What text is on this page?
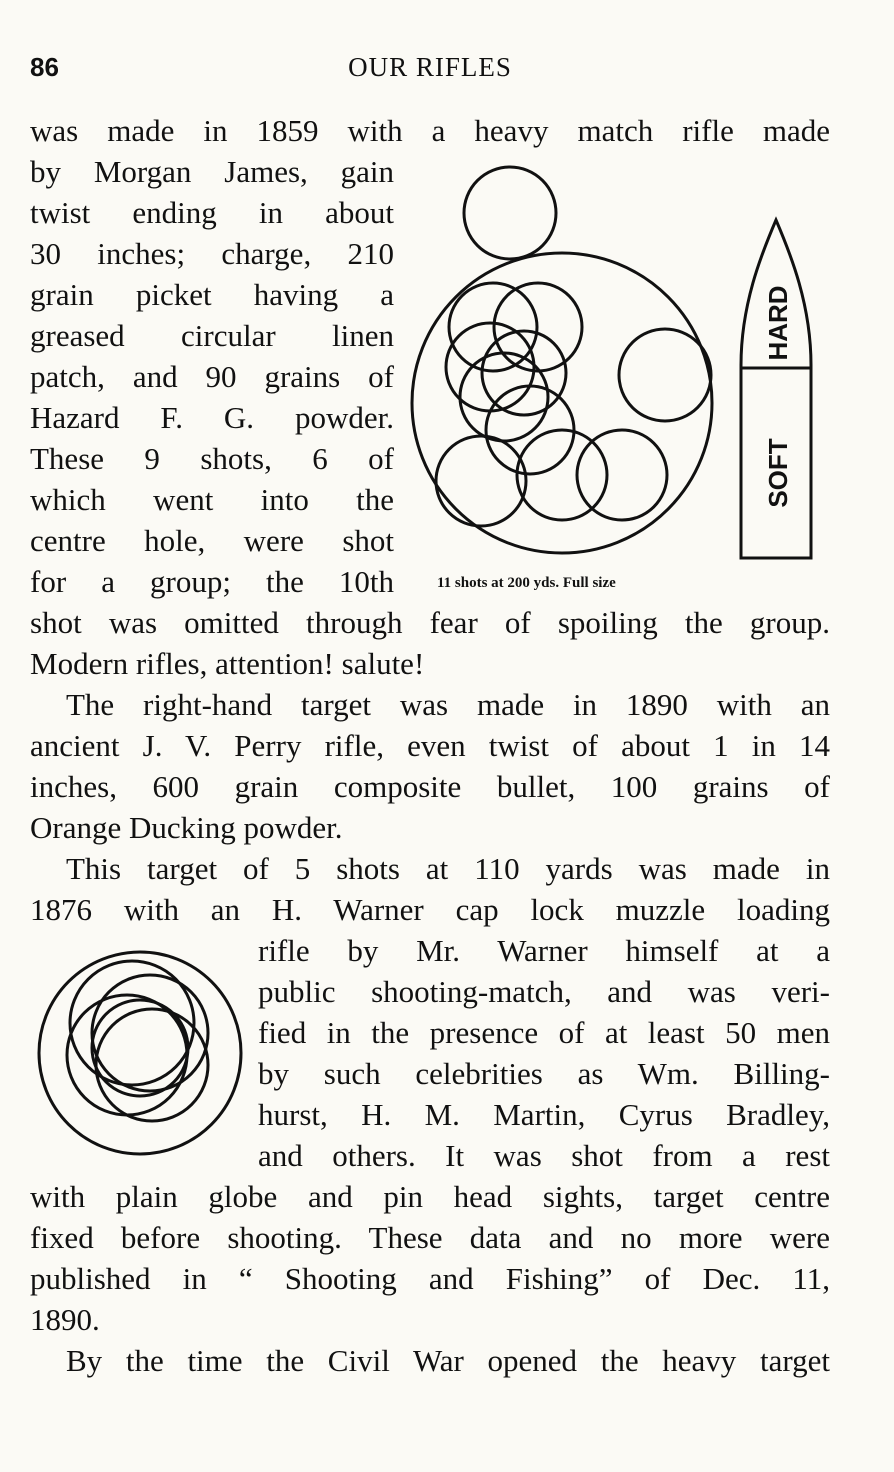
86	OUR RIFLES
was made in 1859 with a heavy match rifle made
by Morgan James, gain
twist ending in about
30 inches; charge, 210
grain picket having a
greased circular linen
patch, and 90 grains of
Hazard F. G. powder.
These 9 shots, 6 of
which went into the
centre hole, were shot
for a group; the 10th
shot was omitted through fear of spoiling the group.
Modern rifles, attention! salute!
The right-hand target was made in 1890 with an
ancient J. V. Perry rifle, even twist of about 1 in 14
inches, 600 grain composite bullet, 100 grains of
Orange Ducking powder.
This target of 5 shots at 110 yards was made in
1876 with an H. Warner cap lock muzzle loading
rifle by Mr. Warner himself at a
public shooting-match, and was veri-
fied in the presence of at least 50 men
by such celebrities as Wm. Billing-
hurst, H. M. Martin, Cyrus Bradley,
and others. It was shot from a rest
with plain globe and pin head sights, target centre
fixed before shooting. These data and no more were
published in “ Shooting and Fishing” of Dec. 11,
1890.
By the time the Civil War opened the heavy target
HARD
SOFT
11 shots at 200 yds. Full size
